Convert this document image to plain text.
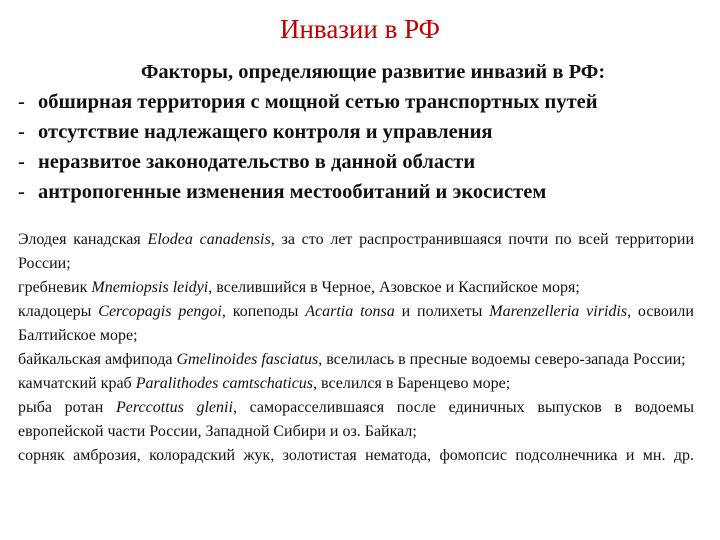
Инвазии в РФ
Факторы, определяющие развитие инвазий в РФ:
- обширная территория с мощной сетью транспортных путей
- отсутствие надлежащего контроля и управления
- неразвитое законодательство в данной области
- антропогенные изменения местообитаний и экосистем
Элодея канадская Elodea canadensis, за сто лет распространившаяся почти по всей территории России;
гребневик Mnemiopsis leidyi, вселившийся в Черное, Азовское и Каспийское моря;
кладоцеры Cercopagis pengoi, копеподы Acartia tonsa и полихеты Marenzelleria viridis, освоили Балтийское море;
байкальская амфипода Gmelinoides fasciatus, вселилась в пресные водоемы северо-запада России;
камчатский краб Paralithodes camtschaticus, вселился в Баренцево море;
рыба ротан Perccottus glenii, саморасселившаяся после единичных выпусков в водоемы европейской части России, Западной Сибири и оз. Байкал;
сорняк амброзия, колорадский жук, золотистая нематода, фомопсис подсолнечника и мн. др.
